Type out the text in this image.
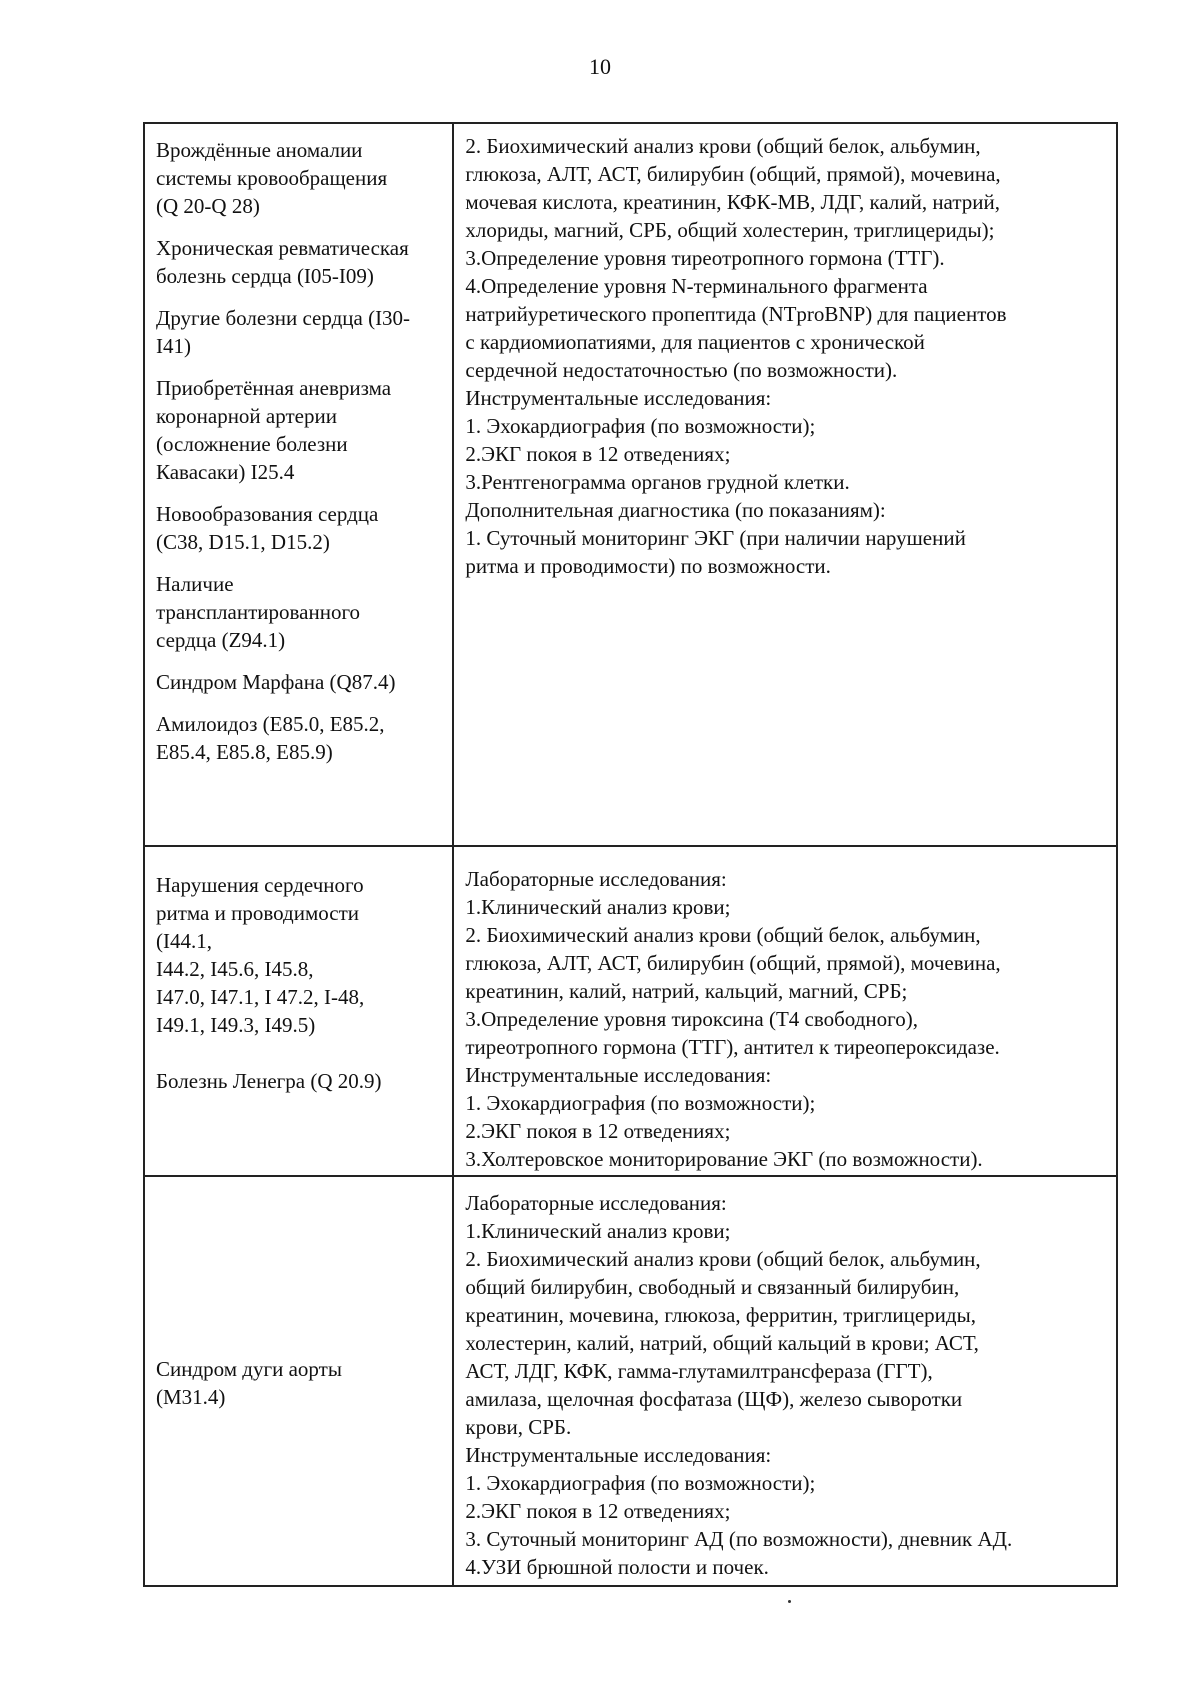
10

Врождённые аномалии
системы кровообращения
(Q 20-Q 28)

Хроническая ревматическая
болезнь сердца (I05-I09)

Другие болезни сердца (I30-
I41)

Приобретённая аневризма
коронарной артерии
(осложнение болезни
Кавасаки) I25.4

Новообразования сердца
(C38, D15.1, D15.2)

Наличие
трансплантированного
сердца (Z94.1)

Синдром Марфана (Q87.4)

Амилоидоз (E85.0, E85.2,
E85.4, E85.8, E85.9)

2. Биохимический анализ крови (общий белок, альбумин,
глюкоза, АЛТ, АСТ, билирубин (общий, прямой), мочевина,
мочевая кислота, креатинин, КФК-МВ, ЛДГ, калий, натрий,
хлориды, магний, СРБ, общий холестерин, триглицериды);
3.Определение уровня тиреотропного гормона (ТТГ).
4.Определение уровня N-терминального фрагмента
натрийуретического пропептида (NTproBNP) для пациентов
с кардиомиопатиями, для пациентов с хронической
сердечной недостаточностью (по возможности).
Инструментальные исследования:
1. Эхокардиография (по возможности);
2.ЭКГ покоя в 12 отведениях;
3.Рентгенограмма органов грудной клетки.
Дополнительная диагностика (по показаниям):
1. Суточный мониторинг ЭКГ (при наличии нарушений
ритма и проводимости) по возможности.

Нарушения сердечного
ритма и проводимости
(I44.1,
I44.2, I45.6, I45.8,
I47.0, I47.1, I 47.2, I-48,
I49.1, I49.3, I49.5)

Болезнь Ленегра (Q 20.9)

Лабораторные исследования:
1.Клинический анализ крови;
2. Биохимический анализ крови (общий белок, альбумин,
глюкоза, АЛТ, АСТ, билирубин (общий, прямой), мочевина,
креатинин, калий, натрий, кальций, магний, СРБ;
3.Определение уровня тироксина (Т4 свободного),
тиреотропного гормона (ТТГ), антител к тиреопероксидазе.
Инструментальные исследования:
1. Эхокардиография (по возможности);
2.ЭКГ покоя в 12 отведениях;
3.Холтеровское мониторирование ЭКГ (по возможности).

Синдром дуги аорты
(M31.4)

Лабораторные исследования:
1.Клинический анализ крови;
2. Биохимический анализ крови (общий белок, альбумин,
общий билирубин, свободный и связанный билирубин,
креатинин, мочевина, глюкоза, ферритин, триглицериды,
холестерин, калий, натрий, общий кальций в крови; АСТ,
АСТ, ЛДГ, КФК, гамма-глутамилтрансфераза (ГГТ),
амилаза, щелочная фосфатаза (ЩФ), железо сыворотки
крови, СРБ.
Инструментальные исследования:
1. Эхокардиография (по возможности);
2.ЭКГ покоя в 12 отведениях;
3. Суточный мониторинг АД (по возможности), дневник АД.
4.УЗИ брюшной полости и почек.
